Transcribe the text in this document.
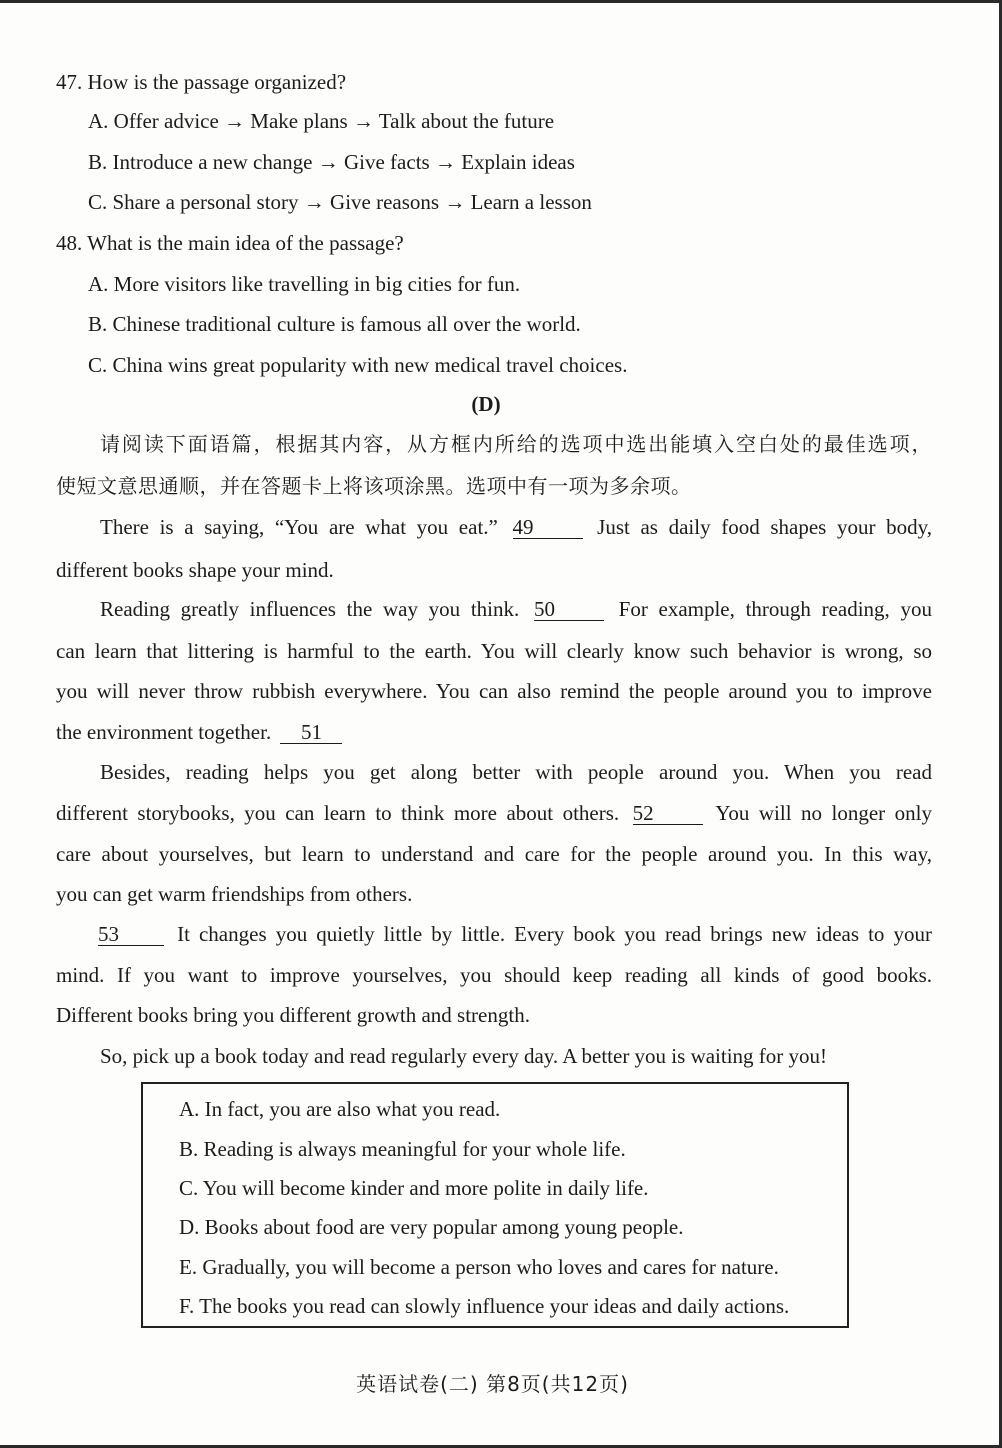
47. How is the passage organized?
A. Offer advice → Make plans → Talk about the future
B. Introduce a new change → Give facts → Explain ideas
C. Share a personal story → Give reasons → Learn a lesson
48. What is the main idea of the passage?
A. More visitors like travelling in big cities for fun.
B. Chinese traditional culture is famous all over the world.
C. China wins great popularity with new medical travel choices.
(D)
请阅读下面语篇，根据其内容，从方框内所给的选项中选出能填入空白处的最佳选项，
使短文意思通顺，并在答题卡上将该项涂黑。选项中有一项为多余项。
There is a saying, “You are what you eat.” 49	Just as daily food shapes your body,
different books shape your mind.
Reading greatly influences the way you think. 50	For example, through reading, you
can learn that littering is harmful to the earth. You will clearly know such behavior is wrong, so
you will never throw rubbish everywhere. You can also remind the people around you to improve
the environment together. 51
Besides, reading helps you get along better with people around you. When you read
different storybooks, you can learn to think more about others. 52	You will no longer only
care about yourselves, but learn to understand and care for the people around you. In this way,
you can get warm friendships from others.
53	It changes you quietly little by little. Every book you read brings new ideas to your
mind. If you want to improve yourselves, you should keep reading all kinds of good books.
Different books bring you different growth and strength.
So, pick up a book today and read regularly every day. A better you is waiting for you!
A. In fact, you are also what you read.
B. Reading is always meaningful for your whole life.
C. You will become kinder and more polite in daily life.
D. Books about food are very popular among young people.
E. Gradually, you will become a person who loves and cares for nature.
F. The books you read can slowly influence your ideas and daily actions.
英语试卷(二) 第8页(共12页)
